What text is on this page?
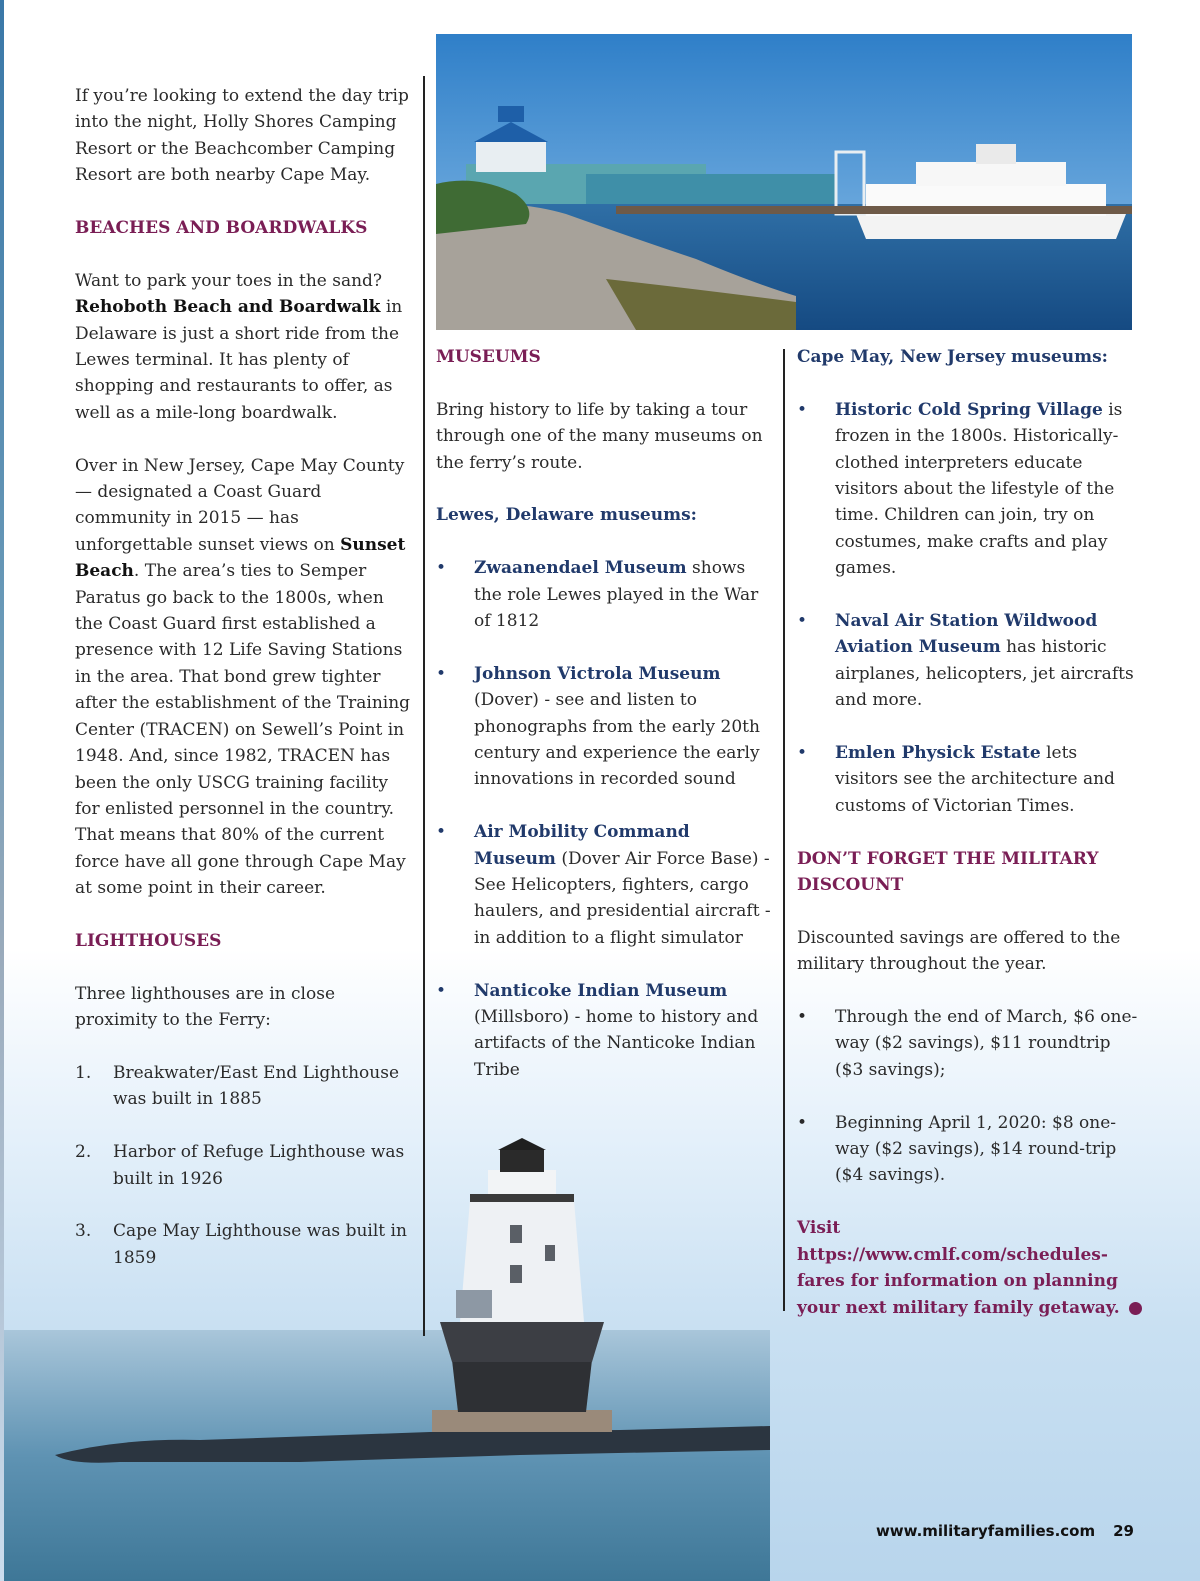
If you’re looking to extend the day trip into the night, Holly Shores Camping Resort or the Beachcomber Camping Resort are both nearby Cape May.

BEACHES AND BOARDWALKS

Want to park your toes in the sand? Rehoboth Beach and Boardwalk in Delaware is just a short ride from the Lewes terminal. It has plenty of shopping and restaurants to offer, as well as a mile-long boardwalk.

Over in New Jersey, Cape May County — designated a Coast Guard community in 2015 — has unforgettable sunset views on Sunset Beach. The area’s ties to Semper Paratus go back to the 1800s, when the Coast Guard first established a presence with 12 Life Saving Stations in the area. That bond grew tighter after the establishment of the Training Center (TRACEN) on Sewell’s Point in 1948. And, since 1982, TRACEN has been the only USCG training facility for enlisted personnel in the country. That means that 80% of the current force have all gone through Cape May at some point in their career.

LIGHTHOUSES

Three lighthouses are in close proximity to the Ferry:

1. Breakwater/East End Lighthouse was built in 1885
2. Harbor of Refuge Lighthouse was built in 1926
3. Cape May Lighthouse was built in 1859
MUSEUMS

Bring history to life by taking a tour through one of the many museums on the ferry’s route.

Lewes, Delaware museums:
• Zwaanendael Museum shows the role Lewes played in the War of 1812
• Johnson Victrola Museum (Dover) - see and listen to phonographs from the early 20th century and experience the early innovations in recorded sound
• Air Mobility Command Museum (Dover Air Force Base) - See Helicopters, fighters, cargo haulers, and presidential aircraft - in addition to a flight simulator
• Nanticoke Indian Museum (Millsboro) - home to history and artifacts of the Nanticoke Indian Tribe
Cape May, New Jersey museums:
• Historic Cold Spring Village is frozen in the 1800s. Historically-clothed interpreters educate visitors about the lifestyle of the time. Children can join, try on costumes, make crafts and play games.
• Naval Air Station Wildwood Aviation Museum has historic airplanes, helicopters, jet aircrafts and more.
• Emlen Physick Estate lets visitors see the architecture and customs of Victorian Times.
DON’T FORGET THE MILITARY DISCOUNT

Discounted savings are offered to the military throughout the year.

• Through the end of March, $6 one-way ($2 savings), $11 roundtrip ($3 savings);
• Beginning April 1, 2020: $8 one-way ($2 savings), $14 round-trip ($4 savings).

Visit https://www.cmlf.com/schedules-fares for information on planning your next military family getaway.

www.militaryfamilies.com 29
